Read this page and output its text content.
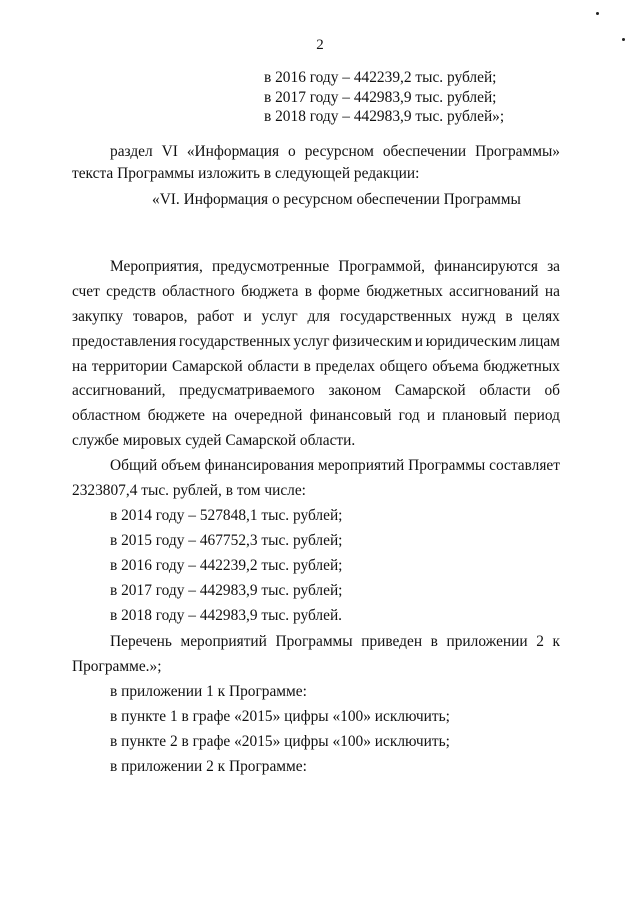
2
в 2016 году – 442239,2 тыс. рублей;
в 2017 году – 442983,9 тыс. рублей;
в 2018 году – 442983,9 тыс. рублей»;
раздел VI «Информация о ресурсном обеспечении Программы»
текста Программы изложить в следующей редакции:
«VI. Информация о ресурсном обеспечении Программы
Мероприятия, предусмотренные Программой, финансируются за
счет средств областного бюджета в форме бюджетных ассигнований на
закупку товаров, работ и услуг для государственных нужд в целях
предоставления государственных услуг физическим и юридическим лицам
на территории Самарской области в пределах общего объема бюджетных
ассигнований, предусматриваемого законом Самарской области об
областном бюджете на очередной финансовый год и плановый период
службе мировых судей Самарской области.
Общий объем финансирования мероприятий Программы составляет
2323807,4 тыс. рублей, в том числе:
в 2014 году – 527848,1 тыс. рублей;
в 2015 году – 467752,3 тыс. рублей;
в 2016 году – 442239,2 тыс. рублей;
в 2017 году – 442983,9 тыс. рублей;
в 2018 году – 442983,9 тыс. рублей.
Перечень мероприятий Программы приведен в приложении 2 к
Программе.»;
в приложении 1 к Программе:
в пункте 1 в графе «2015» цифры «100» исключить;
в пункте 2 в графе «2015» цифры «100» исключить;
в приложении 2 к Программе:
